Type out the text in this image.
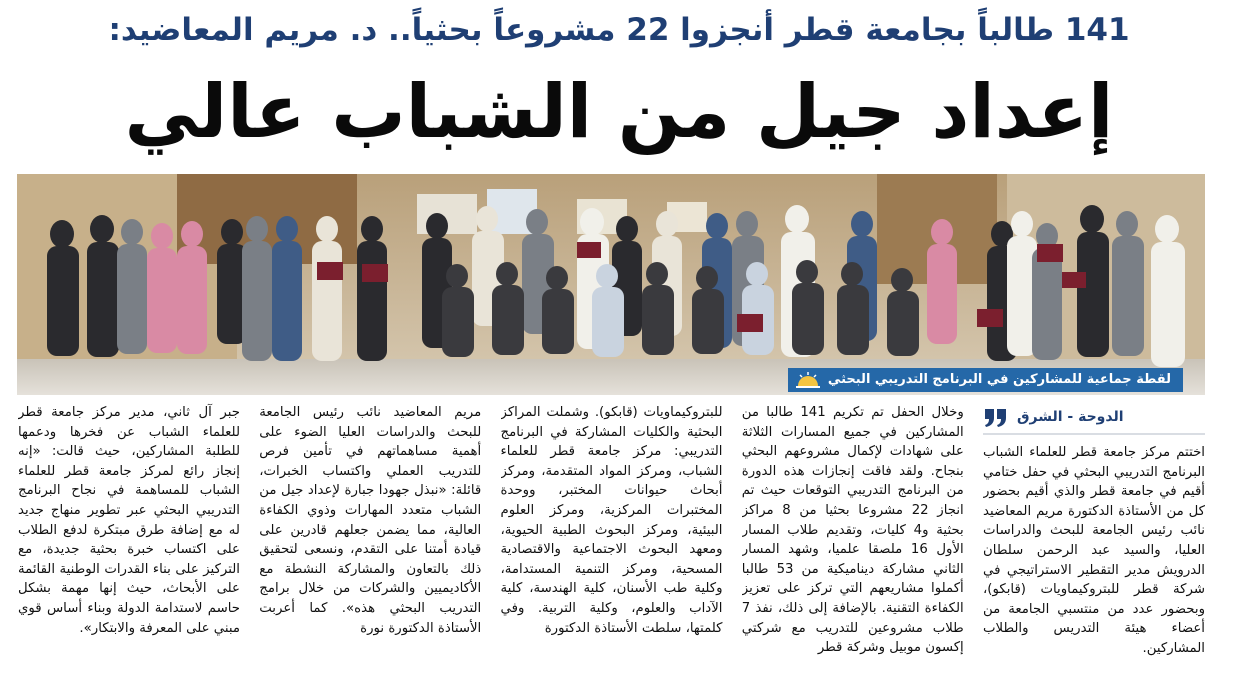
141 طالباً بجامعة قطر أنجزوا 22 مشروعاً بحثياً.. د. مريم المعاضيد:
إعداد جيل من الشباب عالي
لقطة جماعية للمشاركين في البرنامج التدريبي البحثي
الدوحة - الشرق

اختتم مركز جامعة قطر للعلماء الشباب البرنامج التدريبي البحثي في حفل ختامي أقيم في جامعة قطر والذي أقيم بحضور كل من الأستاذة الدكتورة مريم المعاضيد نائب رئيس الجامعة للبحث والدراسات العليا، والسيد عبد الرحمن سلطان الدرويش مدير التقطير الاستراتيجي في شركة قطر للبتروكيماويات (قابكو)، وبحضور عدد من منتسبي الجامعة من أعضاء هيئة التدريس والطلاب المشاركين.

وخلال الحفل تم تكريم 141 طالبا من المشاركين في جميع المسارات الثلاثة على شهادات لإكمال مشروعهم البحثي بنجاح. ولقد فاقت إنجازات هذه الدورة من البرنامج التدريبي التوقعات حيث تم انجاز 22 مشروعا بحثيا من 8 مراكز بحثية و4 كليات، وتقديم طلاب المسار الأول 16 ملصقا علميا، وشهد المسار الثاني مشاركة ديناميكية من 53 طالبا أكملوا مشاريعهم التي تركز على تعزيز الكفاءة التقنية. بالإضافة إلى ذلك، نفذ 7 طلاب مشروعين للتدريب مع شركتي إكسون موبيل وشركة قطر

للبتروكيماويات (قابكو). وشملت المراكز البحثية والكليات المشاركة في البرنامج التدريبي: مركز جامعة قطر للعلماء الشباب، ومركز المواد المتقدمة، ومركز أبحاث حيوانات المختبر، ووحدة المختبرات المركزية، ومركز العلوم البيئية، ومركز البحوث الطبية الحيوية، ومعهد البحوث الاجتماعية والاقتصادية المسحية، ومركز التنمية المستدامة، وكلية طب الأسنان، كلية الهندسة، كلية الآداب والعلوم، وكلية التربية. وفي كلمتها، سلطت الأستاذة الدكتورة

مريم المعاضيد نائب رئيس الجامعة للبحث والدراسات العليا الضوء على أهمية مساهماتهم في تأمين فرص للتدريب العملي واكتساب الخبرات، قائلة: «نبذل جهودا جبارة لإعداد جيل من الشباب متعدد المهارات وذوي الكفاءة العالية، مما يضمن جعلهم قادرين على قيادة أمتنا على التقدم، ونسعى لتحقيق ذلك بالتعاون والمشاركة النشطة مع الأكاديميين والشركات من خلال برامج التدريب البحثي هذه». كما أعربت الأستاذة الدكتورة نورة

جبر آل ثاني، مدير مركز جامعة قطر للعلماء الشباب عن فخرها ودعمها للطلبة المشاركين، حيث قالت: «إنه إنجاز رائع لمركز جامعة قطر للعلماء الشباب للمساهمة في نجاح البرنامج التدريبي البحثي عبر تطوير منهاج جديد له مع إضافة طرق مبتكرة لدفع الطلاب على اكتساب خبرة بحثية جديدة، مع التركيز على بناء القدرات الوطنية القائمة على الأبحاث، حيث إنها مهمة بشكل حاسم لاستدامة الدولة وبناء أساس قوي مبني على المعرفة والابتكار».
